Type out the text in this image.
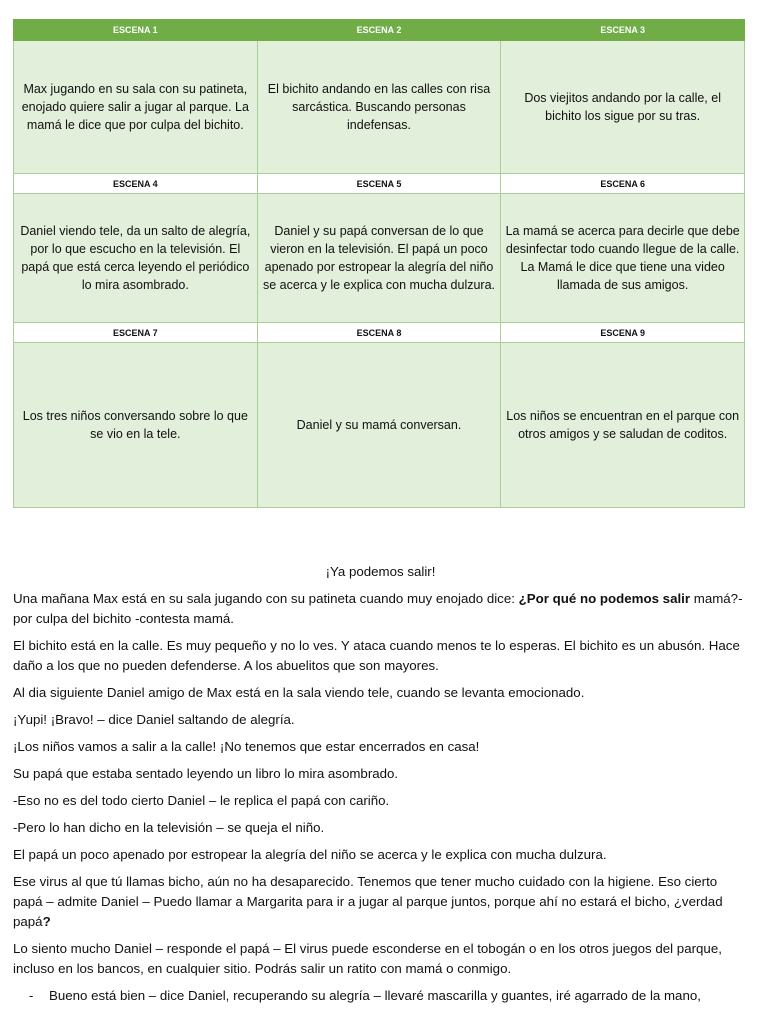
ESCENA 1	ESCENA 2	ESCENA 3
Max jugando en su sala con su patineta, enojado quiere salir a jugar al parque. La mamá le dice que por culpa del bichito.	El bichito andando en las calles con risa sarcástica. Buscando personas indefensas.	Dos viejitos andando por la calle, el bichito los sigue por su tras.
ESCENA 4	ESCENA 5	ESCENA 6
Daniel viendo tele, da un salto de alegría, por lo que escucho en la televisión. El papá que está cerca leyendo el periódico lo mira asombrado.	Daniel y su papá conversan de lo que vieron en la televisión. El papá un poco apenado por estropear la alegría del niño se acerca y le explica con mucha dulzura.	La mamá se acerca para decirle que debe desinfectar todo cuando llegue de la calle. La Mamá le dice que tiene una video llamada de sus amigos.
ESCENA 7	ESCENA 8	ESCENA 9
Los tres niños conversando sobre lo que se vio en la tele.	Daniel y su mamá conversan.	Los niños se encuentran en el parque con otros amigos y se saludan de coditos.

¡Ya podemos salir!

Una mañana Max está en su sala jugando con su patineta cuando muy enojado dice: ¿Por qué no podemos salir mamá?- por culpa del bichito -contesta mamá.

El bichito está en la calle. Es muy pequeño y no lo ves. Y ataca cuando menos te lo esperas. El bichito es un abusón. Hace daño a los que no pueden defenderse. A los abuelitos que son mayores.

Al dia siguiente Daniel amigo de Max está en la sala viendo tele, cuando se levanta emocionado.

¡Yupi! ¡Bravo! – dice Daniel saltando de alegría.

¡Los niños vamos a salir a la calle! ¡No tenemos que estar encerrados en casa!

Su papá que estaba sentado leyendo un libro lo mira asombrado.

-Eso no es del todo cierto Daniel – le replica el papá con cariño.

-Pero lo han dicho en la televisión – se queja el niño.

El papá un poco apenado por estropear la alegría del niño se acerca y le explica con mucha dulzura.

Ese virus al que tú llamas bicho, aún no ha desaparecido. Tenemos que tener mucho cuidado con la higiene. Eso cierto papá – admite Daniel – Puedo llamar a Margarita para ir a jugar al parque juntos, porque ahí no estará el bicho, ¿verdad papá?

Lo siento mucho Daniel – responde el papá – El virus puede esconderse en el tobogán o en los otros juegos del parque, incluso en los bancos, en cualquier sitio. Podrás salir un ratito con mamá o conmigo.

- Bueno está bien – dice Daniel, recuperando su alegría – llevaré mascarilla y guantes, iré agarrado de la mano,
